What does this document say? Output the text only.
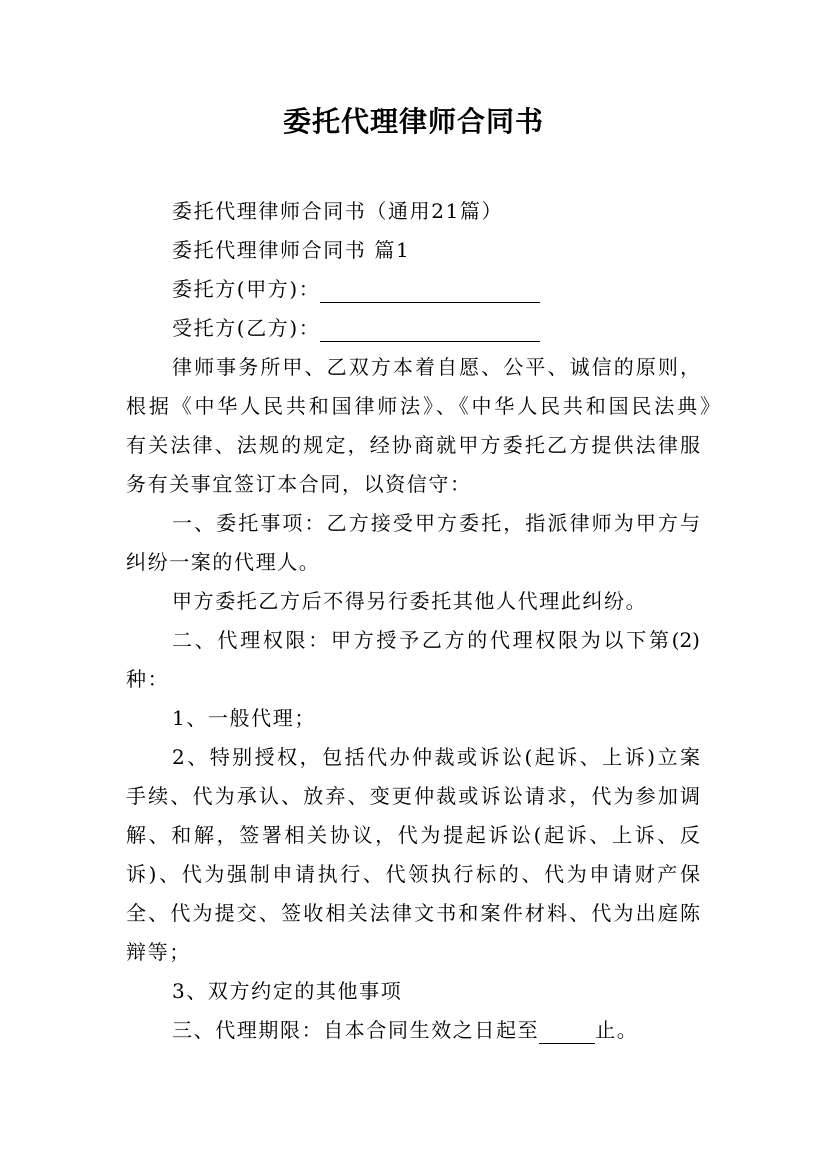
委托代理律师合同书
委托代理律师合同书（通用21篇）
委托代理律师合同书 篇1
委托方(甲方)：
受托方(乙方)：
律师事务所甲、乙双方本着自愿、公平、诚信的原则，
根据《中华人民共和国律师法》、《中华人民共和国民法典》
有关法律、法规的规定，经协商就甲方委托乙方提供法律服
务有关事宜签订本合同，以资信守：
一、委托事项：乙方接受甲方委托，指派律师为甲方与
纠纷一案的代理人。
甲方委托乙方后不得另行委托其他人代理此纠纷。
二、代理权限：甲方授予乙方的代理权限为以下第(2)
种：
1、一般代理；
2、特别授权，包括代办仲裁或诉讼(起诉、上诉)立案
手续、代为承认、放弃、变更仲裁或诉讼请求，代为参加调
解、和解，签署相关协议，代为提起诉讼(起诉、上诉、反
诉)、代为强制申请执行、代领执行标的、代为申请财产保
全、代为提交、签收相关法律文书和案件材料、代为出庭陈
辩等；
3、双方约定的其他事项
三、代理期限：自本合同生效之日起至	止。
